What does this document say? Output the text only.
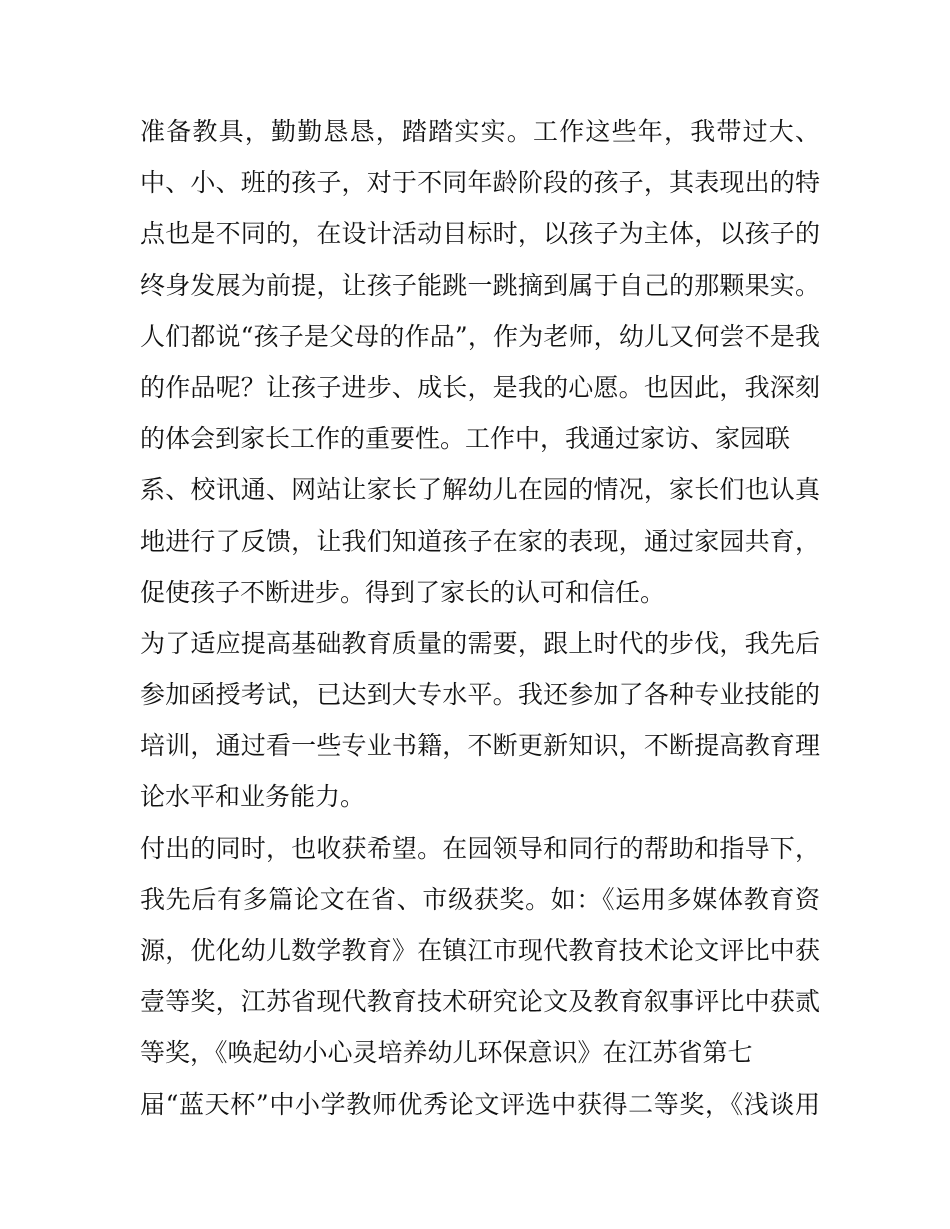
准备教具，勤勤恳恳，踏踏实实。工作这些年，我带过大、
中、小、班的孩子，对于不同年龄阶段的孩子，其表现出的特
点也是不同的，在设计活动目标时，以孩子为主体，以孩子的
终身发展为前提，让孩子能跳一跳摘到属于自己的那颗果实。
人们都说“孩子是父母的作品”，作为老师，幼儿又何尝不是我
的作品呢？让孩子进步、成长，是我的心愿。也因此，我深刻
的体会到家长工作的重要性。工作中，我通过家访、家园联
系、校讯通、网站让家长了解幼儿在园的情况，家长们也认真
地进行了反馈，让我们知道孩子在家的表现，通过家园共育，
促使孩子不断进步。得到了家长的认可和信任。
为了适应提高基础教育质量的需要，跟上时代的步伐，我先后
参加函授考试，已达到大专水平。我还参加了各种专业技能的
培训，通过看一些专业书籍，不断更新知识，不断提高教育理
论水平和业务能力。
付出的同时，也收获希望。在园领导和同行的帮助和指导下，
我先后有多篇论文在省、市级获奖。如：《运用多媒体教育资
源，优化幼儿数学教育》在镇江市现代教育技术论文评比中获
壹等奖，江苏省现代教育技术研究论文及教育叙事评比中获贰
等奖，《唤起幼小心灵培养幼儿环保意识》在江苏省第七
届“蓝天杯”中小学教师优秀论文评选中获得二等奖，《浅谈用
